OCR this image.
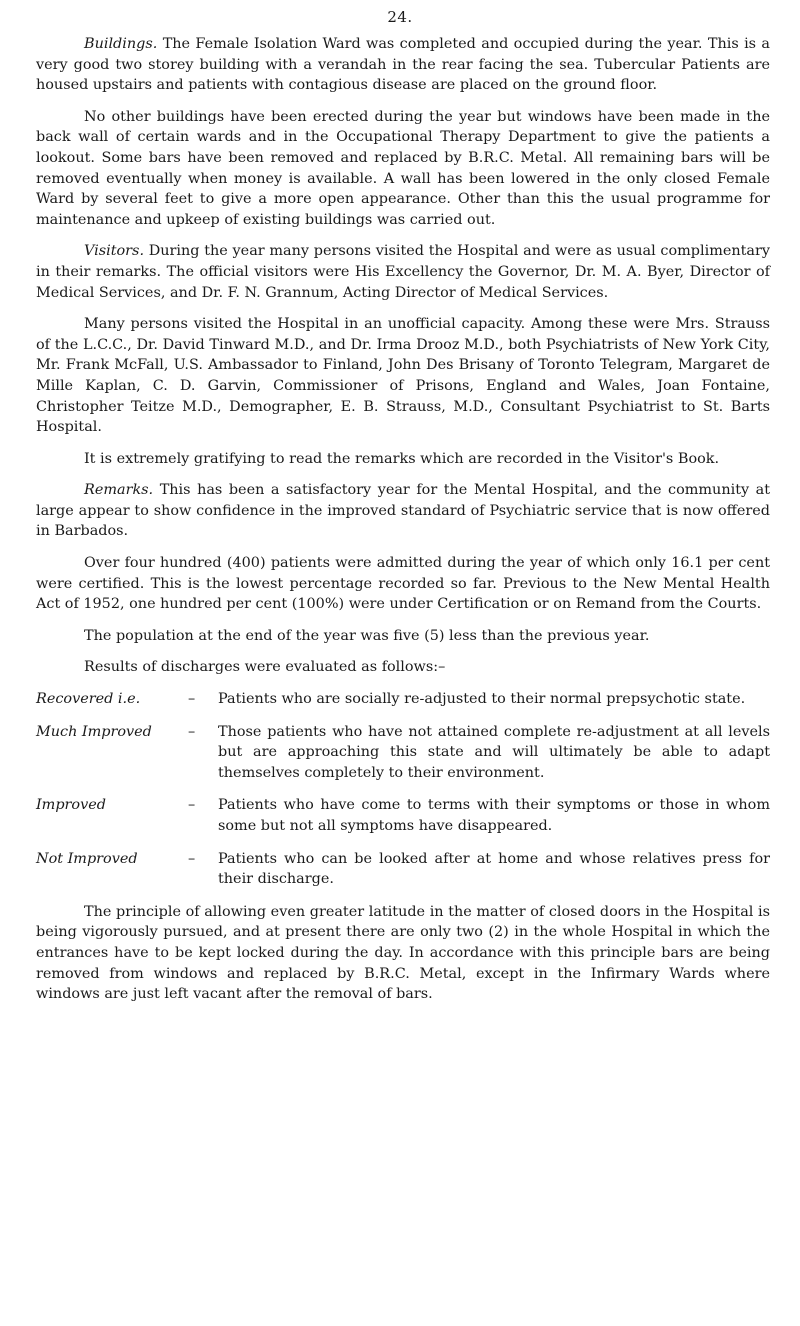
24.

Buildings. The Female Isolation Ward was completed and occupied during the year. This is a very good two storey building with a verandah in the rear facing the sea. Tubercular Patients are housed upstairs and patients with contagious disease are placed on the ground floor.

No other buildings have been erected during the year but windows have been made in the back wall of certain wards and in the Occupational Therapy Department to give the patients a lookout. Some bars have been removed and replaced by B.R.C. Metal. All remaining bars will be removed eventually when money is available. A wall has been lowered in the only closed Female Ward by several feet to give a more open appearance. Other than this the usual programme for maintenance and upkeep of existing buildings was carried out.

Visitors. During the year many persons visited the Hospital and were as usual complimentary in their remarks. The official visitors were His Excellency the Governor, Dr. M. A. Byer, Director of Medical Services, and Dr. F. N. Grannum, Acting Director of Medical Services.

Many persons visited the Hospital in an unofficial capacity. Among these were Mrs. Strauss of the L.C.C., Dr. David Tinward M.D., and Dr. Irma Drooz M.D., both Psychiatrists of New York City, Mr. Frank McFall, U.S. Ambassador to Finland, John Des Brisany of Toronto Telegram, Margaret de Mille Kaplan, C. D. Garvin, Commissioner of Prisons, England and Wales, Joan Fontaine, Christopher Teitze M.D., Demographer, E. B. Strauss, M.D., Consultant Psychiatrist to St. Barts Hospital.

It is extremely gratifying to read the remarks which are recorded in the Visitor's Book.

Remarks. This has been a satisfactory year for the Mental Hospital, and the community at large appear to show confidence in the improved standard of Psychiatric service that is now offered in Barbados.

Over four hundred (400) patients were admitted during the year of which only 16.1 per cent were certified. This is the lowest percentage recorded so far. Previous to the New Mental Health Act of 1952, one hundred per cent (100%) were under Certification or on Remand from the Courts.

The population at the end of the year was five (5) less than the previous year.

Results of discharges were evaluated as follows:–

Recovered i.e.	–	Patients who are socially re-adjusted to their normal prepsychotic state.
Much Improved	–	Those patients who have not attained complete re-adjustment at all levels but are approaching this state and will ultimately be able to adapt themselves completely to their environment.
Improved	–	Patients who have come to terms with their symptoms or those in whom some but not all symptoms have disappeared.
Not Improved	–	Patients who can be looked after at home and whose relatives press for their discharge.

The principle of allowing even greater latitude in the matter of closed doors in the Hospital is being vigorously pursued, and at present there are only two (2) in the whole Hospital in which the entrances have to be kept locked during the day. In accordance with this principle bars are being removed from windows and replaced by B.R.C. Metal, except in the Infirmary Wards where windows are just left vacant after the removal of bars.
